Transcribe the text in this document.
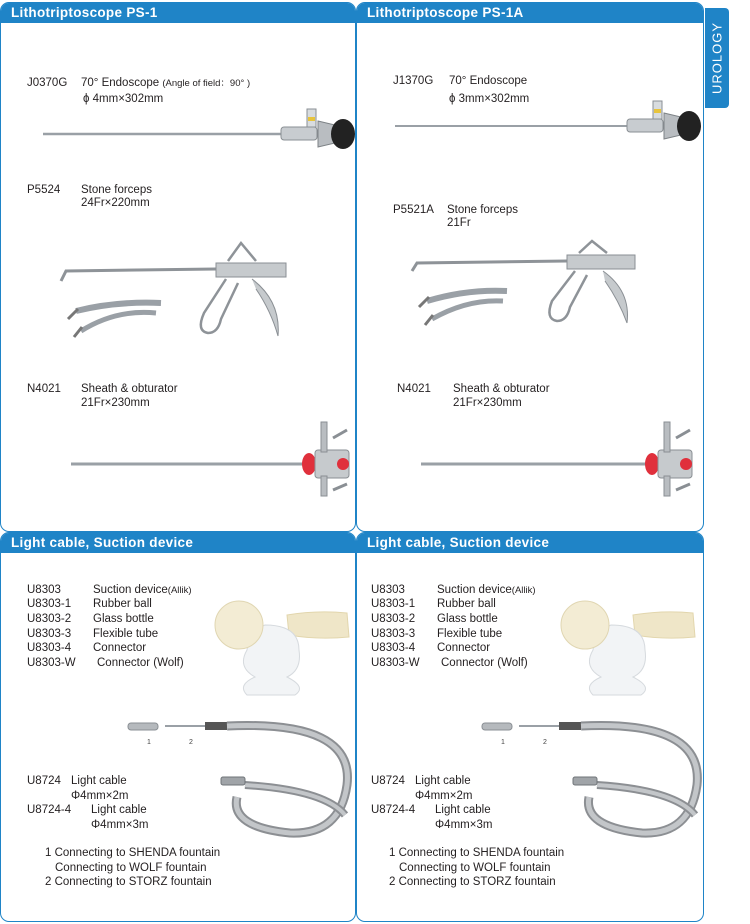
UROLOGY
Lithotriptoscope PS-1
J0370G 70° Endoscope (Angle of field：90° )
ϕ 4mm×302mm
P5524 Stone forceps
24Fr×220mm
N4021 Sheath & obturator
21Fr×230mm
Lithotriptoscope PS-1A
J1370G 70° Endoscope
ϕ 3mm×302mm
P5521A Stone forceps
21Fr
N4021 Sheath & obturator
21Fr×230mm
Light cable, Suction device
U8303	Suction device(Allik)
U8303-1 Rubber ball
U8303-2 Glass bottle
U8303-3 Flexible tube
U8303-4 Connector
U8303-W Connector (Wolf)
1	2
U8724 Light cable
Φ4mm×2m
U8724-4 Light cable
Φ4mm×3m
1 Connecting to SHENDA fountain
Connecting to WOLF fountain
2 Connecting to STORZ fountain
Light cable, Suction device
U8303	Suction device(Allik)
U8303-1 Rubber ball
U8303-2 Glass bottle
U8303-3 Flexible tube
U8303-4 Connector
U8303-W Connector (Wolf)
1	2
U8724 Light cable
Φ4mm×2m
U8724-4 Light cable
Φ4mm×3m
1 Connecting to SHENDA fountain
Connecting to WOLF fountain
2 Connecting to STORZ fountain
